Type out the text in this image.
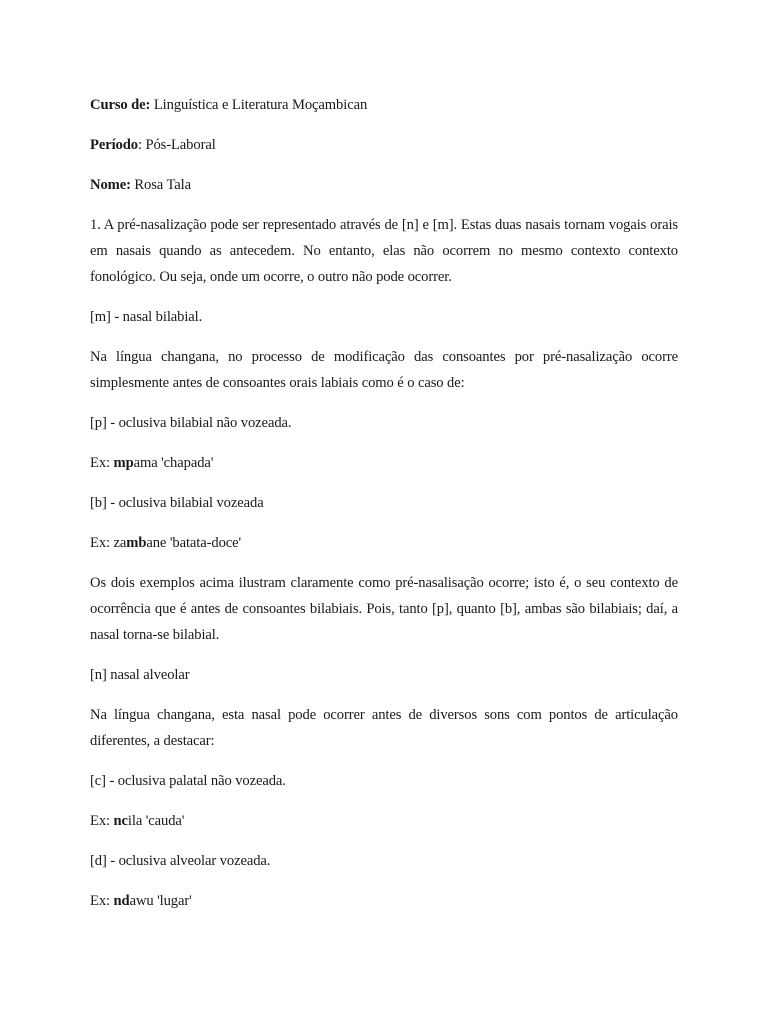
Curso de: Linguística e Literatura Moçambican

Período: Pós-Laboral

Nome: Rosa Tala

1. A pré-nasalização pode ser representado através de [n] e [m]. Estas duas nasais tornam vogais orais em nasais quando as antecedem. No entanto, elas não ocorrem no mesmo contexto contexto fonológico. Ou seja, onde um ocorre, o outro não pode ocorrer.

[m] - nasal bilabial.

Na língua changana, no processo de modificação das consoantes por pré-nasalização ocorre simplesmente antes de consoantes orais labiais como é o caso de:

[p] - oclusiva bilabial não vozeada.

Ex: mpama 'chapada'

[b] - oclusiva bilabial vozeada

Ex: zambane 'batata-doce'

Os dois exemplos acima ilustram claramente como pré-nasalisação ocorre; isto é, o seu contexto de ocorrência que é antes de consoantes bilabiais. Pois, tanto [p], quanto [b], ambas são bilabiais; daí, a nasal torna-se bilabial.

[n] nasal alveolar

Na língua changana, esta nasal pode ocorrer antes de diversos sons com pontos de articulação diferentes, a destacar:

[c] - oclusiva palatal não vozeada.

Ex: ncila 'cauda'

[d] - oclusiva alveolar vozeada.

Ex: ndawu 'lugar'
